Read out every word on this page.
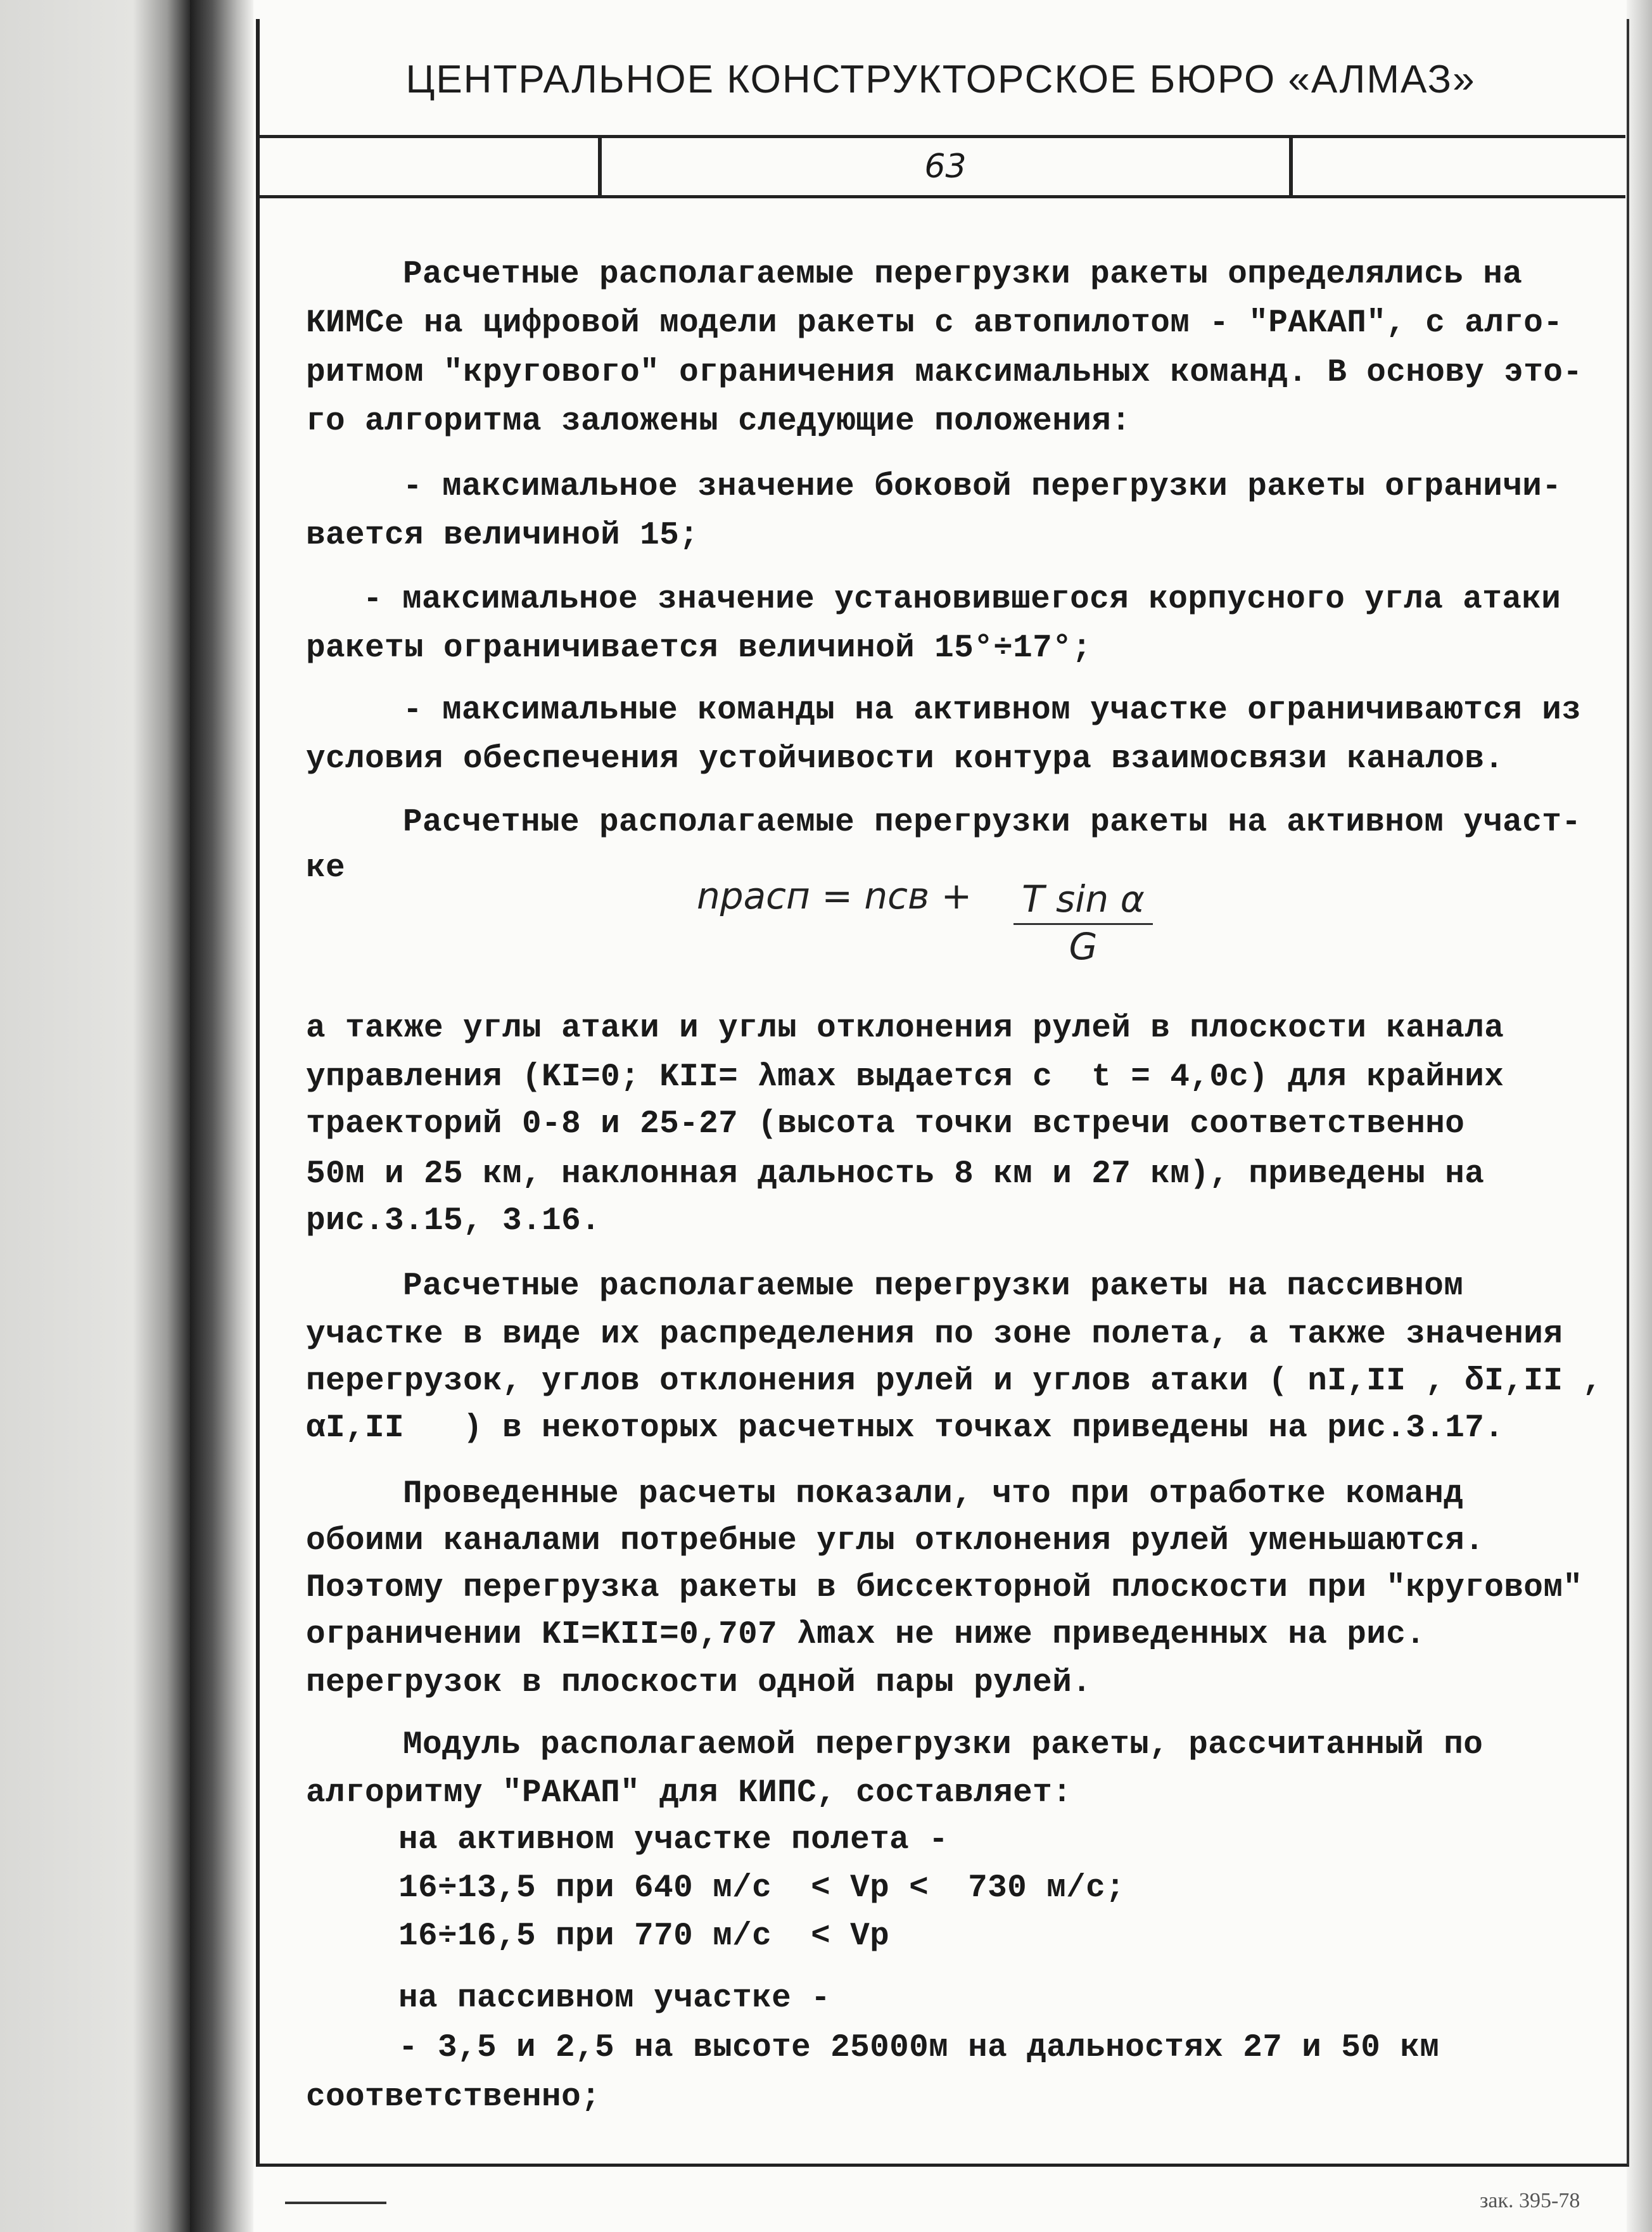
ЦЕНТРАЛЬНОЕ КОНСТРУКТОРСКОЕ БЮРО «АЛМАЗ»
63
Расчетные располагаемые перегрузки ракеты определялись на
КИМСе на цифровой модели ракеты с автопилотом - "РАКАП", с алго-
ритмом "кругового" ограничения максимальных команд. В основу это-
го алгоритма заложены следующие положения:
- максимальное значение боковой перегрузки ракеты ограничи-
вается величиной 15;
- максимальное значение установившегося корпусного угла атаки
ракеты ограничивается величиной 15°÷17°;
- максимальные команды на активном участке ограничиваются из
условия обеспечения устойчивости контура взаимосвязи каналов.
Расчетные располагаемые перегрузки ракеты на активном участ-
ке
nрасп = nсв + $\frac{\text{T sin α}}{G}$
а также углы атаки и углы отклонения рулей в плоскости канала
управления (KI=0; KII= λmax выдается с  t = 4,0c) для крайних
траекторий 0-8 и 25-27 (высота точки встречи соответственно
50м и 25 км, наклонная дальность 8 км и 27 км), приведены на
рис.3.15, 3.16.
Расчетные располагаемые перегрузки ракеты на пассивном
участке в виде их распределения по зоне полета, а также значения
перегрузок, углов отклонения рулей и углов атаки ( nI,II , δI,II ,
αI,II   ) в некоторых расчетных точках приведены на рис.3.17.
Проведенные расчеты показали, что при отработке команд
обоими каналами потребные углы отклонения рулей уменьшаются.
Поэтому перегрузка ракеты в биссекторной плоскости при "круговом"
ограничении KI=KII=0,707 λmax не ниже приведенных на рис.
перегрузок в плоскости одной пары рулей.
Модуль располагаемой перегрузки ракеты, рассчитанный по
алгоритму "РАКАП" для КИПС, составляет:
на активном участке полета -
16÷13,5 при 640 м/с  < Vр <  730 м/с;
16÷16,5 при 770 м/с  < Vр
на пассивном участке -
- 3,5 и 2,5 на высоте 25000м на дальностях 27 и 50 км
соответственно;
зак. 395-78
